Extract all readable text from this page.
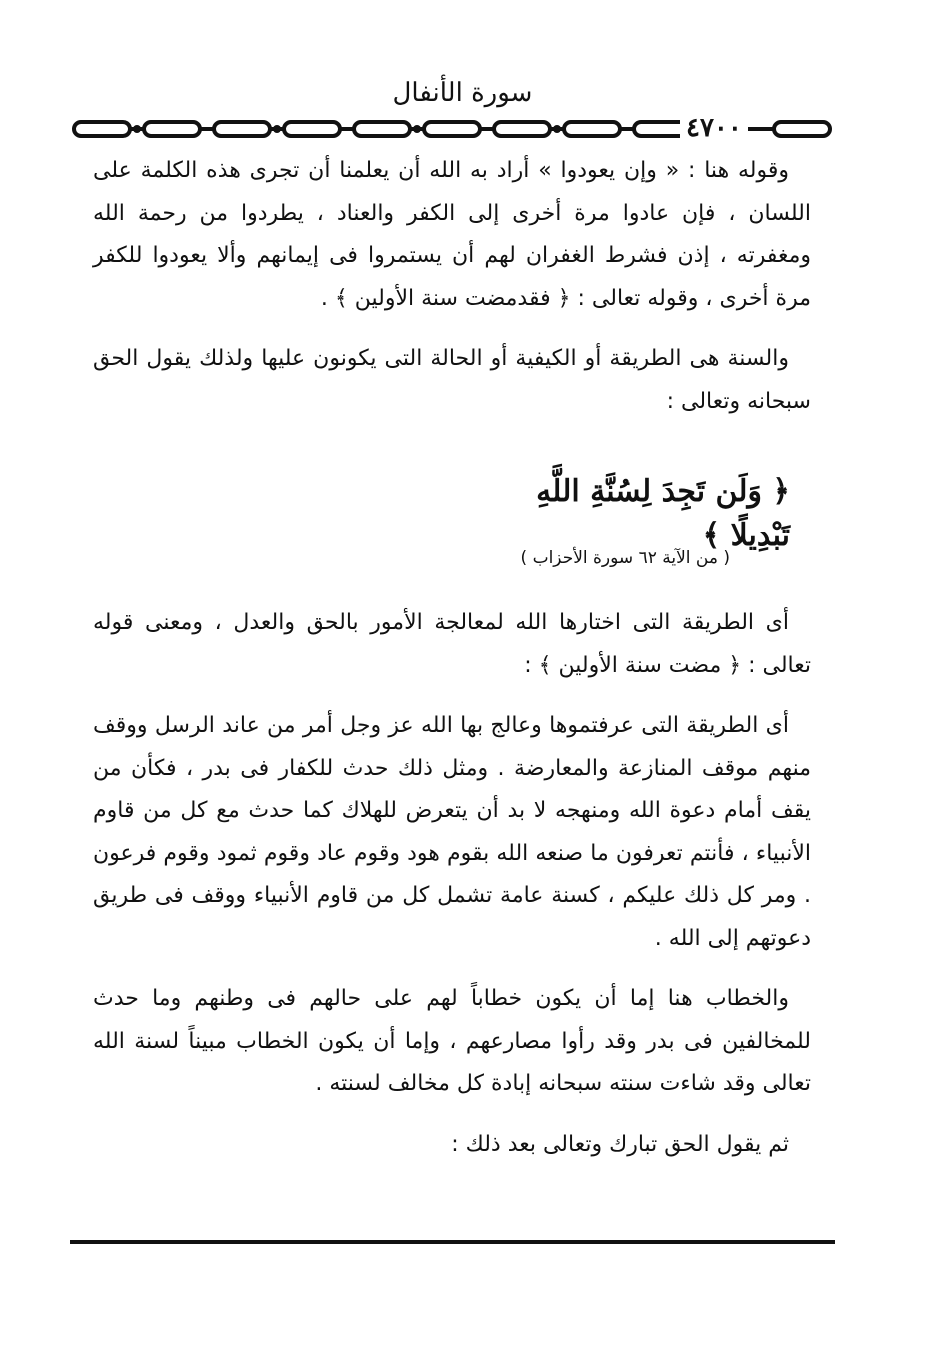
سورة الأنفال
٤٧٠٠

وقوله هنا : « وإن يعودوا » أراد به الله أن يعلمنا أن تجرى هذه الكلمة على اللسان ، فإن عادوا مرة أخرى إلى الكفر والعناد ، يطردوا من رحمة الله ومغفرته ، إذن فشرط الغفران لهم أن يستمروا فى إيمانهم وألا يعودوا للكفر مرة أخرى ، وقوله تعالى : ﴿ فقدمضت سنة الأولين ﴾ .

والسنة هى الطريقة أو الكيفية أو الحالة التى يكونون عليها ولذلك يقول الحق سبحانه وتعالى :

﴿ وَلَن تَجِدَ لِسُنَّةِ اللَّهِ تَبْدِيلًا ﴾
( من الآية ٦٢ سورة الأحزاب )

أى الطريقة التى اختارها الله لمعالجة الأمور بالحق والعدل ، ومعنى قوله تعالى : ﴿ مضت سنة الأولين ﴾ :

أى الطريقة التى عرفتموها وعالج بها الله عز وجل أمر من عاند الرسل ووقف منهم موقف المنازعة والمعارضة . ومثل ذلك حدث للكفار فى بدر ، فكأن من يقف أمام دعوة الله ومنهجه لا بد أن يتعرض للهلاك كما حدث مع كل من قاوم الأنبياء ، فأنتم تعرفون ما صنعه الله بقوم هود وقوم عاد وقوم ثمود وقوم فرعون . ومر كل ذلك عليكم ، كسنة عامة تشمل كل من قاوم الأنبياء ووقف فى طريق دعوتهم إلى الله .

والخطاب هنا إما أن يكون خطاباً لهم على حالهم فى وطنهم وما حدث للمخالفين فى بدر وقد رأوا مصارعهم ، وإما أن يكون الخطاب مبيناً لسنة الله تعالى وقد شاءت سنته سبحانه إبادة كل مخالف لسنته .

ثم يقول الحق تبارك وتعالى بعد ذلك :
